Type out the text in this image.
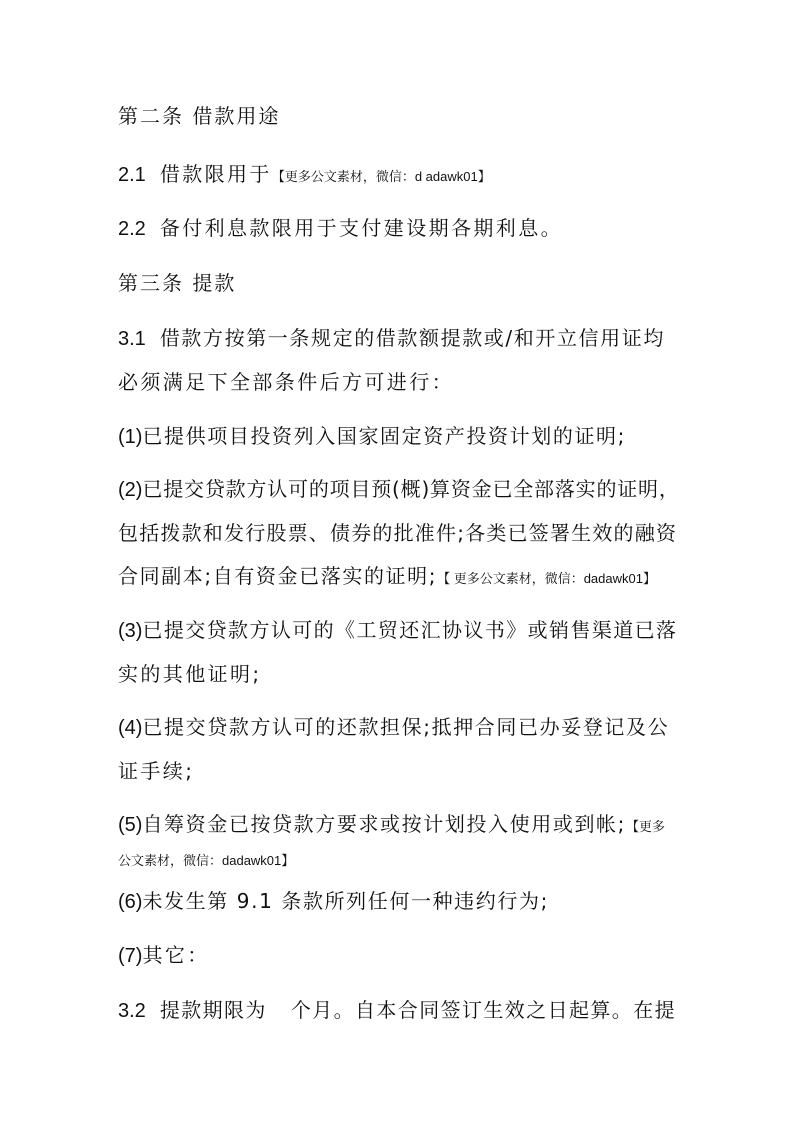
第二条 借款用途
2.1 借款限用于【更多公文素材，微信：d adawk01】
2.2 备付利息款限用于支付建设期各期利息。
第三条 提款
3.1 借款方按第一条规定的借款额提款或/和开立信用证均
必须满足下全部条件后方可进行：
(1)已提供项目投资列入国家固定资产投资计划的证明;
(2)已提交贷款方认可的项目预(概)算资金已全部落实的证明，
包括拨款和发行股票、债券的批准件;各类已签署生效的融资
合同副本;自有资金已落实的证明;【 更多公文素材，微信：dadawk01】
(3)已提交贷款方认可的《工贸还汇协议书》或销售渠道已落
实的其他证明;
(4)已提交贷款方认可的还款担保;抵押合同已办妥登记及公
证手续;
(5)自筹资金已按贷款方要求或按计划投入使用或到帐;【更多
公文素材，微信：dadawk01】
(6)未发生第 9.1 条款所列任何一种违约行为;
(7)其它：
3.2 提款期限为 个月。自本合同签订生效之日起算。在提
